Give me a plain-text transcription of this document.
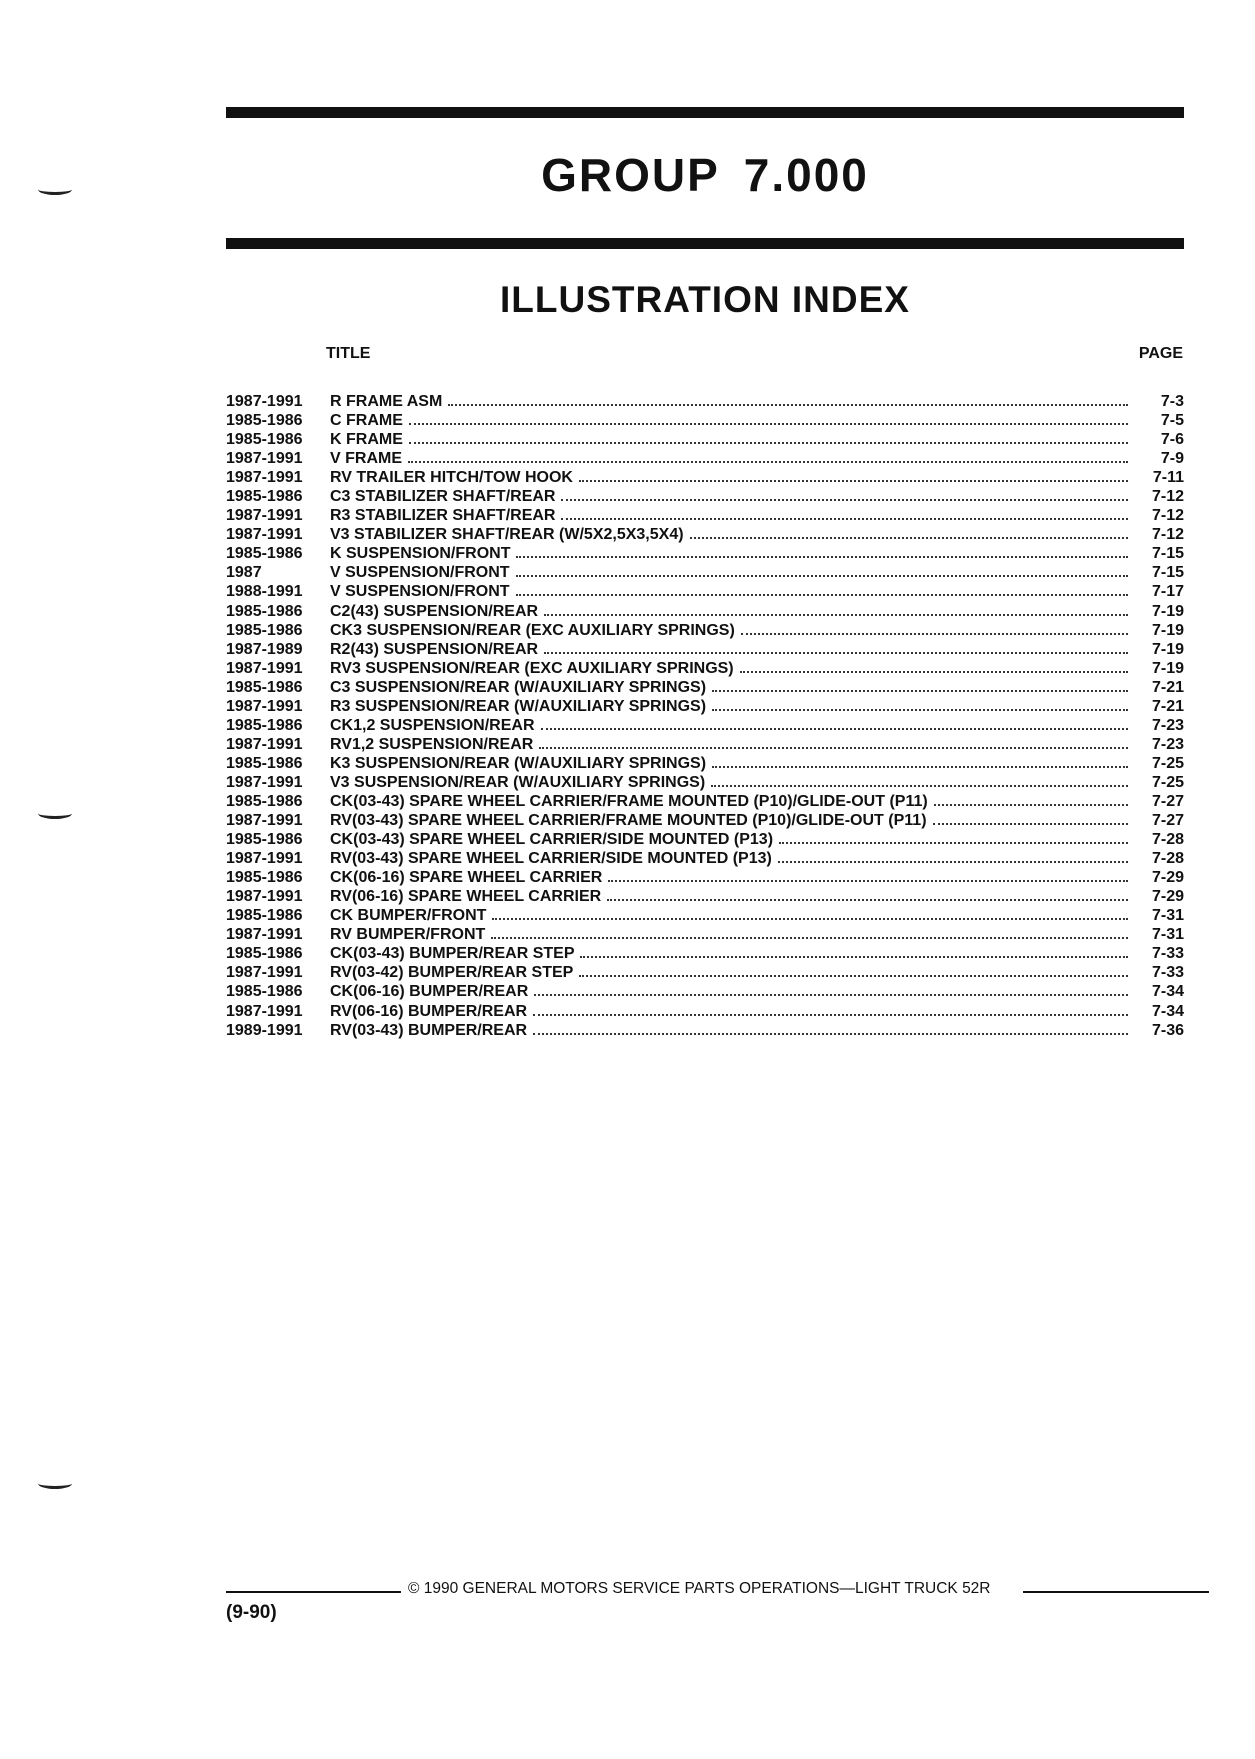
GROUP 7.000
ILLUSTRATION INDEX
TITLE	PAGE
1987-1991	R FRAME ASM	7-3
1985-1986	C FRAME	7-5
1985-1986	K FRAME	7-6
1987-1991	V FRAME	7-9
1987-1991	RV TRAILER HITCH/TOW HOOK	7-11
1985-1986	C3 STABILIZER SHAFT/REAR	7-12
1987-1991	R3 STABILIZER SHAFT/REAR	7-12
1987-1991	V3 STABILIZER SHAFT/REAR (W/5X2,5X3,5X4)	7-12
1985-1986	K SUSPENSION/FRONT	7-15
1987	V SUSPENSION/FRONT	7-15
1988-1991	V SUSPENSION/FRONT	7-17
1985-1986	C2(43) SUSPENSION/REAR	7-19
1985-1986	CK3 SUSPENSION/REAR (EXC AUXILIARY SPRINGS)	7-19
1987-1989	R2(43) SUSPENSION/REAR	7-19
1987-1991	RV3 SUSPENSION/REAR (EXC AUXILIARY SPRINGS)	7-19
1985-1986	C3 SUSPENSION/REAR (W/AUXILIARY SPRINGS)	7-21
1987-1991	R3 SUSPENSION/REAR (W/AUXILIARY SPRINGS)	7-21
1985-1986	CK1,2 SUSPENSION/REAR	7-23
1987-1991	RV1,2 SUSPENSION/REAR	7-23
1985-1986	K3 SUSPENSION/REAR (W/AUXILIARY SPRINGS)	7-25
1987-1991	V3 SUSPENSION/REAR (W/AUXILIARY SPRINGS)	7-25
1985-1986	CK(03-43) SPARE WHEEL CARRIER/FRAME MOUNTED (P10)/GLIDE-OUT (P11)	7-27
1987-1991	RV(03-43) SPARE WHEEL CARRIER/FRAME MOUNTED (P10)/GLIDE-OUT (P11)	7-27
1985-1986	CK(03-43) SPARE WHEEL CARRIER/SIDE MOUNTED (P13)	7-28
1987-1991	RV(03-43) SPARE WHEEL CARRIER/SIDE MOUNTED (P13)	7-28
1985-1986	CK(06-16) SPARE WHEEL CARRIER	7-29
1987-1991	RV(06-16) SPARE WHEEL CARRIER	7-29
1985-1986	CK BUMPER/FRONT	7-31
1987-1991	RV BUMPER/FRONT	7-31
1985-1986	CK(03-43) BUMPER/REAR STEP	7-33
1987-1991	RV(03-42) BUMPER/REAR STEP	7-33
1985-1986	CK(06-16) BUMPER/REAR	7-34
1987-1991	RV(06-16) BUMPER/REAR	7-34
1989-1991	RV(03-43) BUMPER/REAR	7-36
© 1990 GENERAL MOTORS SERVICE PARTS OPERATIONS—LIGHT TRUCK 52R
(9-90)
